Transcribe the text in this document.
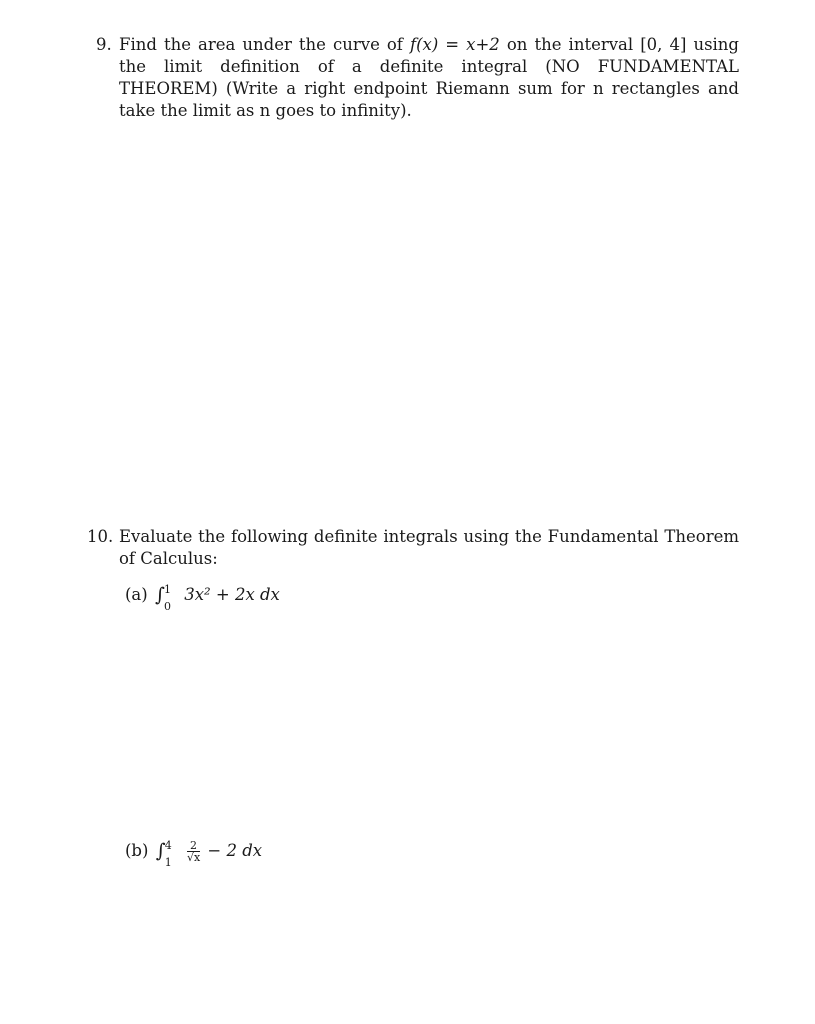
9. Find the area under the curve of f(x) = x+2 on the interval [0, 4] using the limit definition of a definite integral (NO FUNDAMENTAL THEOREM) (Write a right endpoint Riemann sum for n rectangles and take the limit as n goes to infinity).
10. Evaluate the following definite integrals using the Fundamental Theorem of Calculus:
(a) ∫ 1
0
3x² + 2x dx
(b) ∫ 4
1
$\frac{2}{√x} - 2$ dx
